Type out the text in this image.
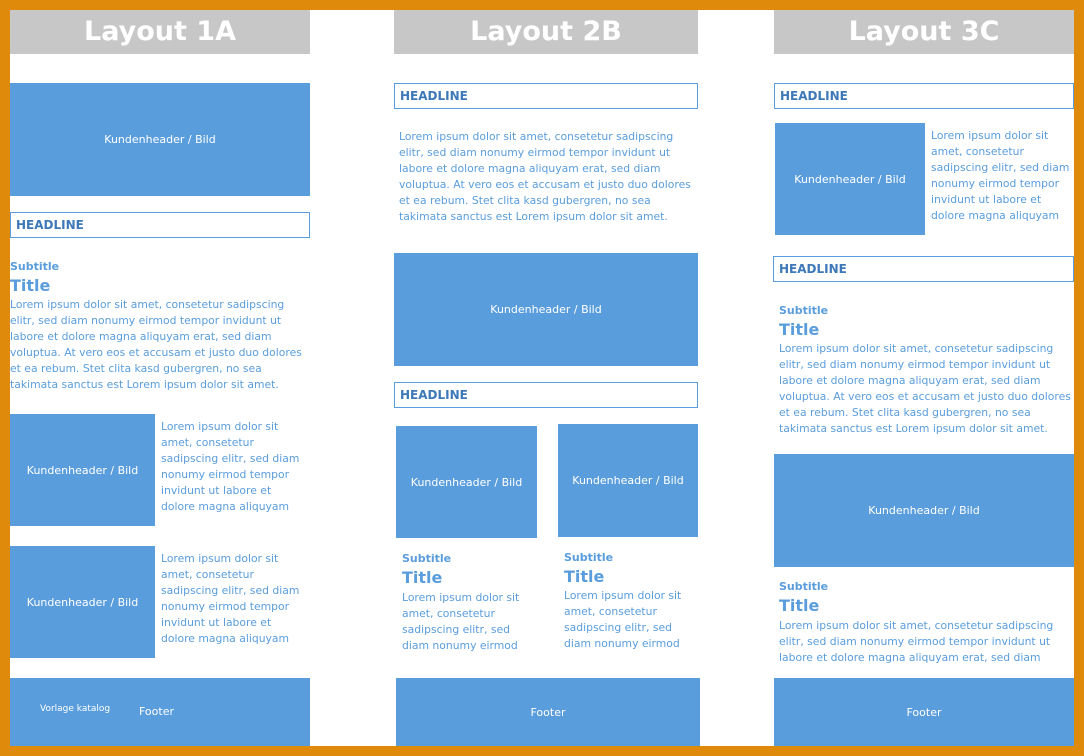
Layout 1A
Kundenheader / Bild
HEADLINE
Subtitle
Title
Lorem ipsum dolor sit amet, consetetur sadipscing elitr, sed diam nonumy eirmod tempor invidunt ut labore et dolore magna aliquyam erat, sed diam voluptua. At vero eos et accusam et justo duo dolores et ea rebum. Stet clita kasd gubergren, no sea takimata sanctus est Lorem ipsum dolor sit amet.
Kundenheader / Bild
Lorem ipsum dolor sit amet, consetetur sadipscing elitr, sed diam nonumy eirmod tempor invidunt ut labore et dolore magna aliquyam
Kundenheader / Bild
Lorem ipsum dolor sit amet, consetetur sadipscing elitr, sed diam nonumy eirmod tempor invidunt ut labore et dolore magna aliquyam
Vorlage katalog	Footer
Layout 2B
HEADLINE
Lorem ipsum dolor sit amet, consetetur sadipscing elitr, sed diam nonumy eirmod tempor invidunt ut labore et dolore magna aliquyam erat, sed diam voluptua. At vero eos et accusam et justo duo dolores et ea rebum. Stet clita kasd gubergren, no sea takimata sanctus est Lorem ipsum dolor sit amet.
Kundenheader / Bild
HEADLINE
Kundenheader / Bild	Kundenheader / Bild
Subtitle
Title
Lorem ipsum dolor sit amet, consetetur sadipscing elitr, sed diam nonumy eirmod
Subtitle
Title
Lorem ipsum dolor sit amet, consetetur sadipscing elitr, sed diam nonumy eirmod
Footer
Layout 3C
HEADLINE
Kundenheader / Bild
Lorem ipsum dolor sit amet, consetetur sadipscing elitr, sed diam nonumy eirmod tempor invidunt ut labore et dolore magna aliquyam
HEADLINE
Subtitle
Title
Lorem ipsum dolor sit amet, consetetur sadipscing elitr, sed diam nonumy eirmod tempor invidunt ut labore et dolore magna aliquyam erat, sed diam voluptua. At vero eos et accusam et justo duo dolores et ea rebum. Stet clita kasd gubergren, no sea takimata sanctus est Lorem ipsum dolor sit amet.
Kundenheader / Bild
Subtitle
Title
Lorem ipsum dolor sit amet, consetetur sadipscing elitr, sed diam nonumy eirmod tempor invidunt ut labore et dolore magna aliquyam erat, sed diam
Footer
